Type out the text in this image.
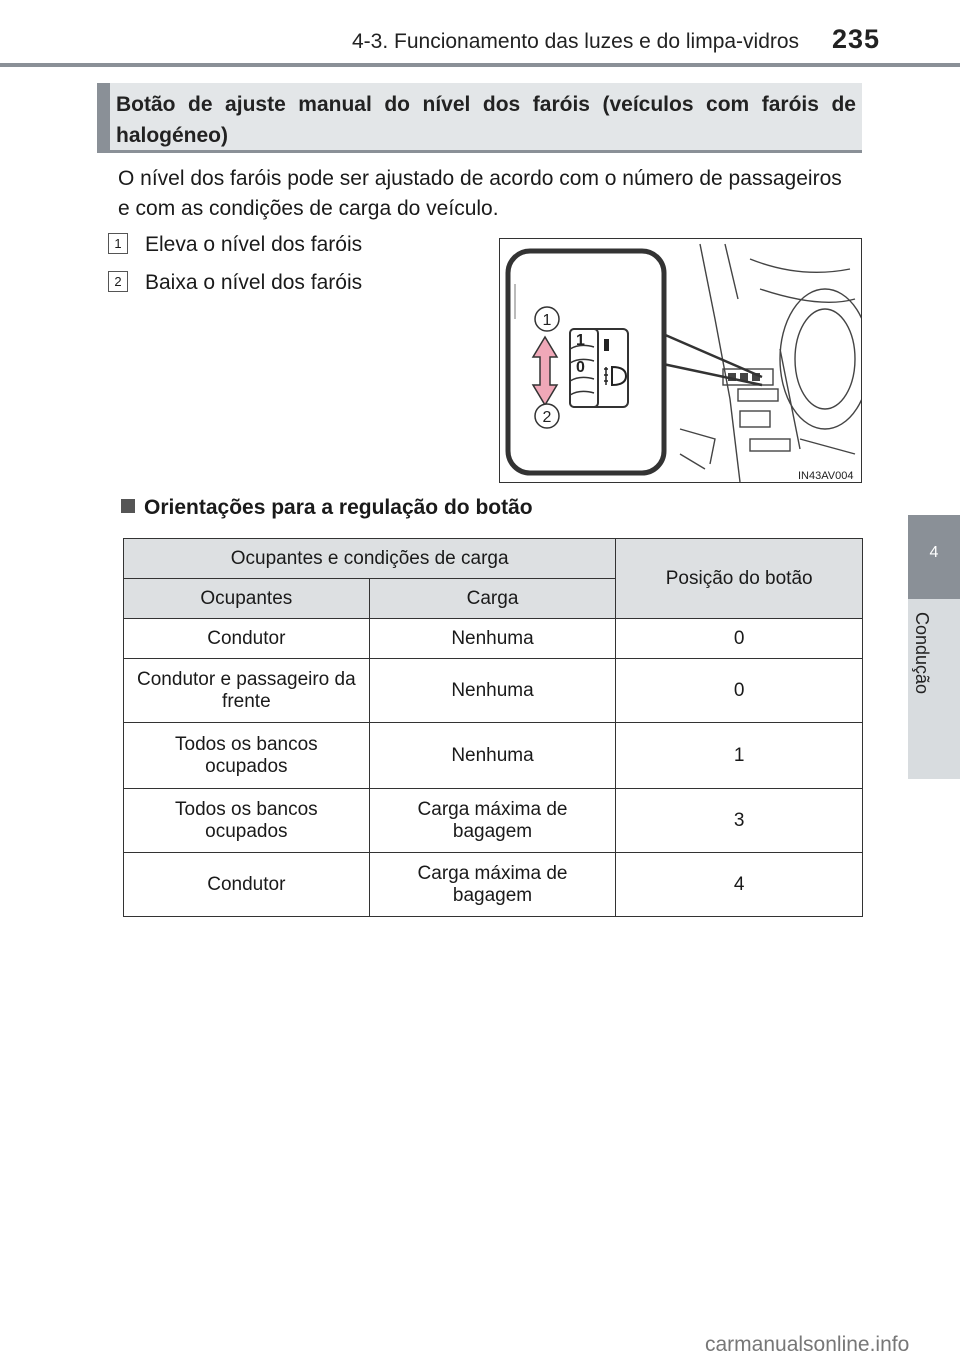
4-3. Funcionamento das luzes e do limpa-vidros 235
4
Condução
Botão de ajuste manual do nível dos faróis (veículos com faróis de halogéneo)
O nível dos faróis pode ser ajustado de acordo com o número de passageiros e com as condições de carga do veículo.
1 Eleva o nível dos faróis
2 Baixa o nível dos faróis
1
0
1
2
IN43AV004
Orientações para a regulação do botão
Ocupantes e condições de carga		Posição do botão
Ocupantes	Carga	
Condutor	Nenhuma	0
Condutor e passageiro da frente	Nenhuma	0
Todos os bancos ocupados	Nenhuma	1
Todos os bancos ocupados	Carga máxima de bagagem	3
Condutor	Carga máxima de bagagem	4
carmanualsonline.info
